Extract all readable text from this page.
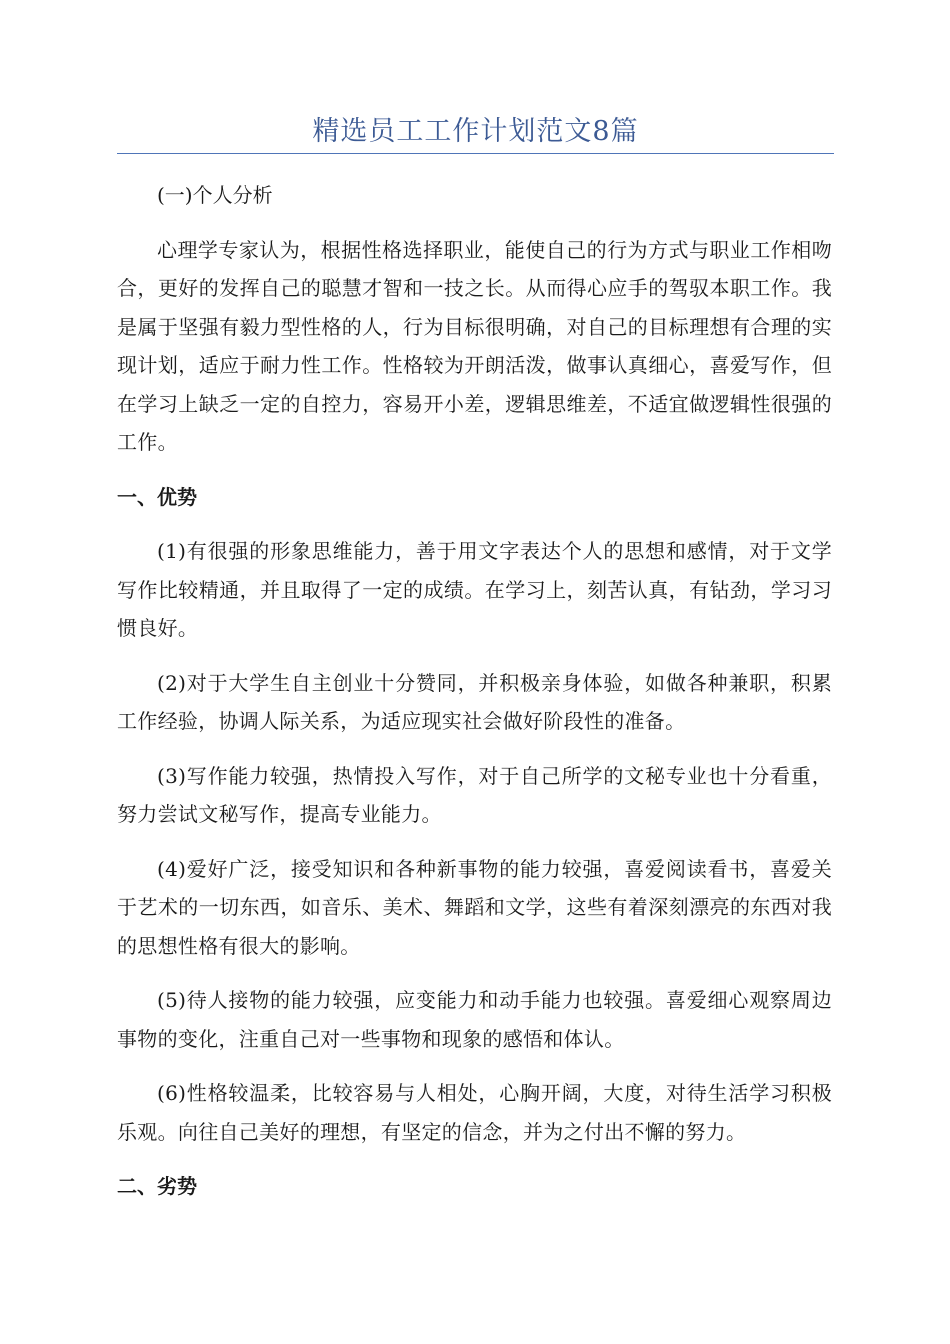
精选员工工作计划范文8篇

(一)个人分析

心理学专家认为，根据性格选择职业，能使自己的行为方式与职业工作相吻合，更好的发挥自己的聪慧才智和一技之长。从而得心应手的驾驭本职工作。我是属于坚强有毅力型性格的人，行为目标很明确，对自己的目标理想有合理的实现计划，适应于耐力性工作。性格较为开朗活泼，做事认真细心，喜爱写作，但在学习上缺乏一定的自控力，容易开小差，逻辑思维差，不适宜做逻辑性很强的工作。

一、优势

(1)有很强的形象思维能力，善于用文字表达个人的思想和感情，对于文学写作比较精通，并且取得了一定的成绩。在学习上，刻苦认真，有钻劲，学习习惯良好。

(2)对于大学生自主创业十分赞同，并积极亲身体验，如做各种兼职，积累工作经验，协调人际关系，为适应现实社会做好阶段性的准备。

(3)写作能力较强，热情投入写作，对于自己所学的文秘专业也十分看重，努力尝试文秘写作，提高专业能力。

(4)爱好广泛，接受知识和各种新事物的能力较强，喜爱阅读看书，喜爱关于艺术的一切东西，如音乐、美术、舞蹈和文学，这些有着深刻漂亮的东西对我的思想性格有很大的影响。

(5)待人接物的能力较强，应变能力和动手能力也较强。喜爱细心观察周边事物的变化，注重自己对一些事物和现象的感悟和体认。

(6)性格较温柔，比较容易与人相处，心胸开阔，大度，对待生活学习积极乐观。向往自己美好的理想，有坚定的信念，并为之付出不懈的努力。

二、劣势
